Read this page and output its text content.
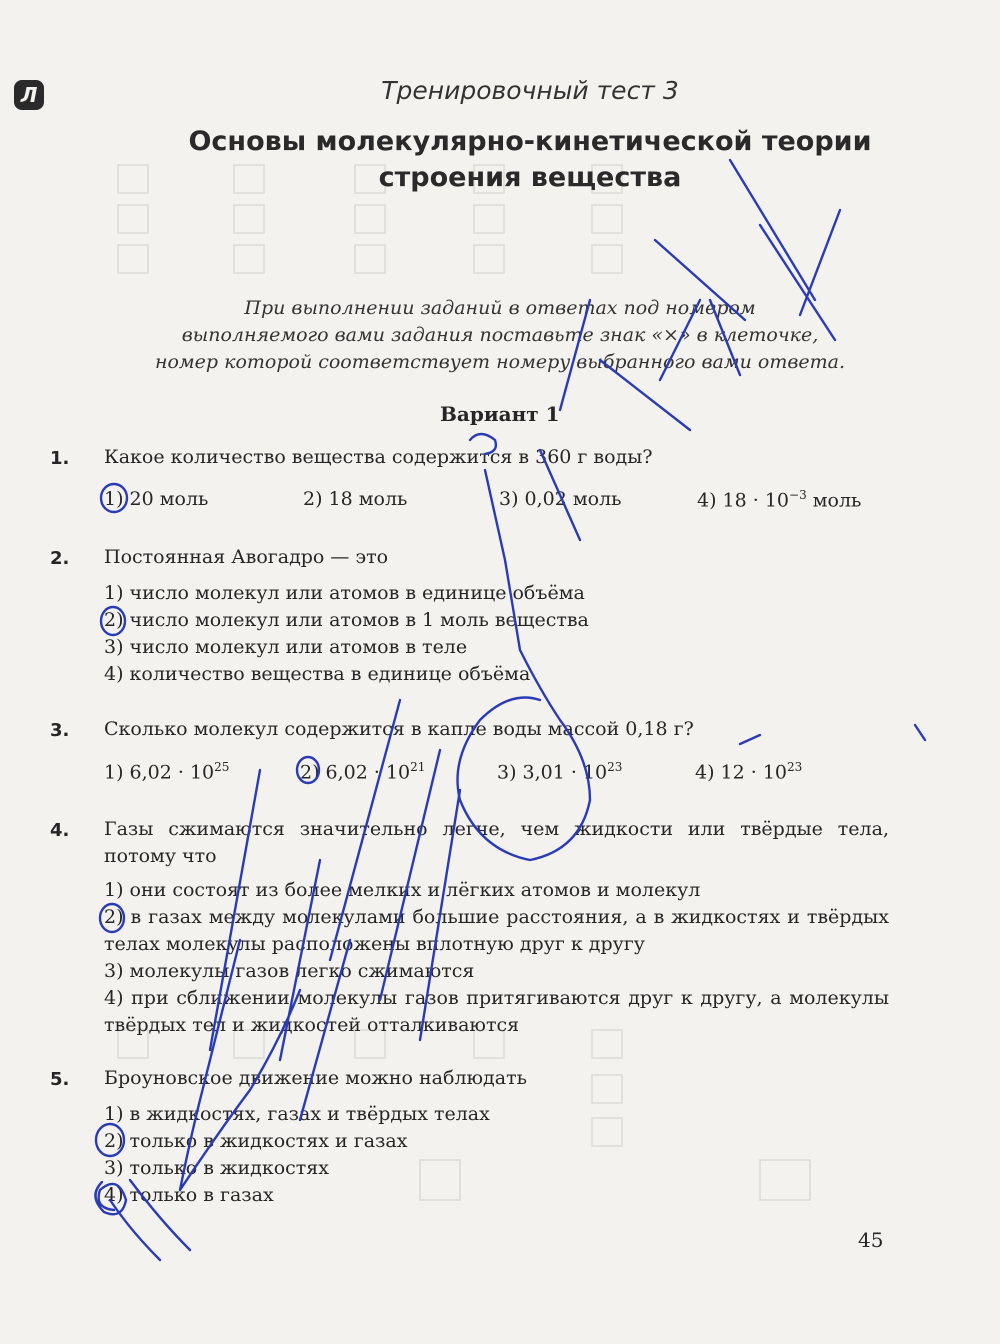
Л	Тренировочный тест 3
Основы молекулярно-кинетической теории
строения вещества
При выполнении заданий в ответах под номером
выполняемого вами задания поставьте знак «×» в клеточке,
номер которой соответствует номеру выбранного вами ответа.
Вариант 1
1. Какое количество вещества содержится в 360 г воды?
1) 20 моль	2) 18 моль	3) 0,02 моль	4) $18 \cdot 10^{-3}$ моль
2. Постоянная Авогадро — это
1) число молекул или атомов в единице объёма
2) число молекул или атомов в 1 моль вещества
3) число молекул или атомов в теле
4) количество вещества в единице объёма
3. Сколько молекул содержится в капле воды массой 0,18 г?
1) $6,02 \cdot 10^{25}$	2) $6,02 \cdot 10^{21}$	3) $3,01 \cdot 10^{23}$	4) $12 \cdot 10^{23}$
4. Газы сжимаются значительно легче, чем жидкости или твёрдые тела, потому что
1) они состоят из более мелких и лёгких атомов и молекул
2) в газах между молекулами большие расстояния, а в жидкостях и твёрдых телах молекулы расположены вплотную друг к другу
3) молекулы газов легко сжимаются
4) при сближении молекулы газов притягиваются друг к другу, а молекулы твёрдых тел и жидкостей отталкиваются
5. Броуновское движение можно наблюдать
1) в жидкостях, газах и твёрдых телах
2) только в жидкостях и газах
3) только в жидкостях
4) только в газах
45
